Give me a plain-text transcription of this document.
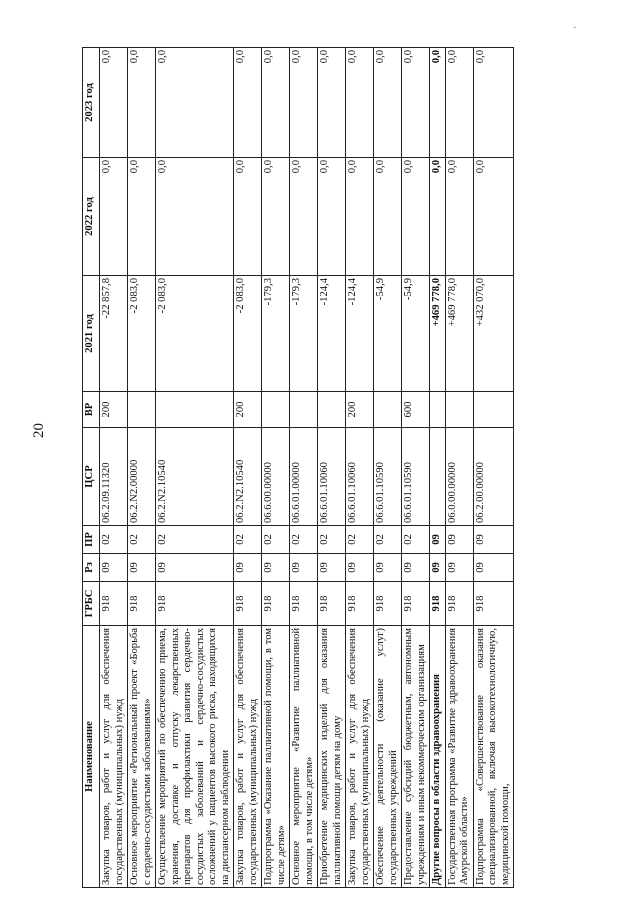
20
·
Наименование	ГРБС	Рз	ПР	ЦСР	ВР	2021 год	2022 год	2023 год
Закупка товаров, работ и услуг для обеспечения государственных (муниципальных) нужд	918	09	02	06.2.09.11320	200	-22 857,8	0,0	0,0
Основное мероприятие «Региональный проект «Борьба с сердечно-сосудистыми заболеваниями»	918	09	02	06.2.N2.00000		-2 083,0	0,0	0,0
Осуществление мероприятий по обеспечению приема, хранения, доставке и отпуску лекарственных препаратов для профилактики развития сердечно-сосудистых заболеваний и сердечно-сосудистых осложнений у пациентов высокого риска, находящихся на диспансерном наблюдении	918	09	02	06.2.N2.10540		-2 083,0	0,0	0,0
Закупка товаров, работ и услуг для обеспечения государственных (муниципальных) нужд	918	09	02	06.2.N2.10540	200	-2 083,0	0,0	0,0
Подпрограмма «Оказание паллиативной помощи, в том числе детям»	918	09	02	06.6.00.00000		-179,3	0,0	0,0
Основное мероприятие «Развитие паллиативной помощи, в том числе детям»	918	09	02	06.6.01.00000		-179,3	0,0	0,0
Приобретение медицинских изделий для оказания паллиативной помощи детям на дому	918	09	02	06.6.01.10060		-124,4	0,0	0,0
Закупка товаров, работ и услуг для обеспечения государственных (муниципальных) нужд	918	09	02	06.6.01.10060	200	-124,4	0,0	0,0
Обеспечение деятельности (оказание услуг) государственных учреждений	918	09	02	06.6.01.10590		-54,9	0,0	0,0
Предоставление субсидий бюджетным, автономным учреждениям и иным некоммерческим организациям	918	09	02	06.6.01.10590	600	-54,9	0,0	0,0
Другие вопросы в области здравоохранения	918	09	09			+469 778,0	0,0	0,0
Государственная программа «Развитие здравоохранения Амурской области»	918	09	09	06.0.00.00000		+469 778,0	0,0	0,0
Подпрограмма «Совершенствование оказания специализированной, включая высокотехнологичную, медицинской помощи,	918	09	09	06.2.00.00000		+432 070,0	0,0	0,0
